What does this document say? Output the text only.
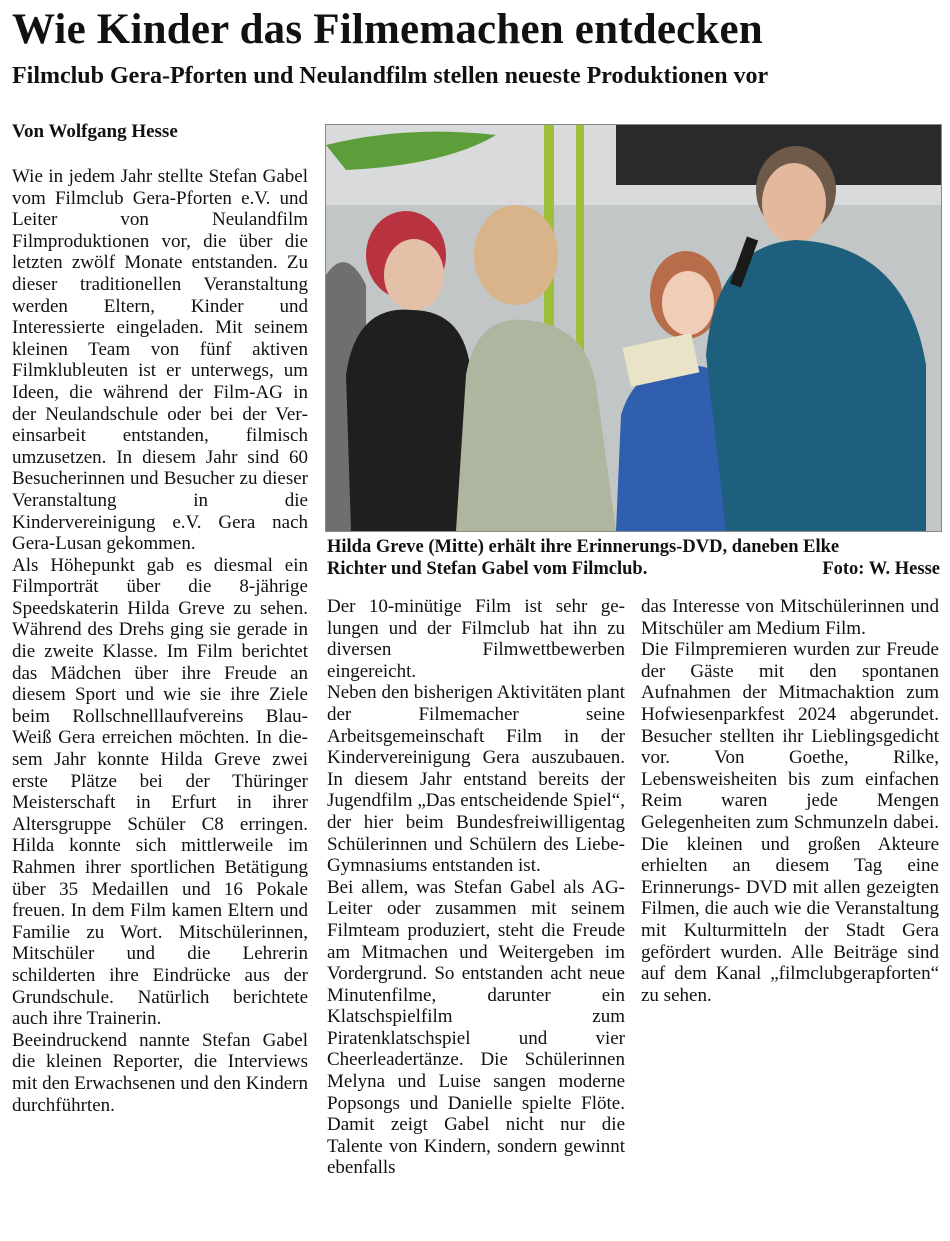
Wie Kinder das Filmemachen entdecken
Filmclub Gera-Pforten und Neulandfilm stellen neueste Produktionen vor
Von Wolfgang Hesse

Wie in jedem Jahr stellte Stefan Gabel vom Filmclub Gera-Pforten e.V. und Leiter von Neulandfilm Filmproduktionen vor, die über die letzten zwölf Monate entstanden. Zu dieser traditionellen Veranstaltung werden Eltern, Kinder und Interessierte eingeladen. Mit seinem kleinen Team von fünf aktiven Filmklubleuten ist er unterwegs, um Ideen, die während der Film-AG in der Neulandschule oder bei der Vereinsarbeit entstanden, filmisch umzusetzen. In diesem Jahr sind 60 Besucherinnen und Besucher zu dieser Veranstaltung in die Kindervereinigung e.V. Gera nach Gera-Lusan gekommen.

Als Höhepunkt gab es diesmal ein Filmporträt über die 8-jährige Speedskaterin Hilda Greve zu sehen. Während des Drehs ging sie gerade in die zweite Klasse. Im Film berichtet das Mädchen über ihre Freude an diesem Sport und wie sie ihre Ziele beim Rollschnelllaufvereins Blau-Weiß Gera erreichen möchten. In diesem Jahr konnte Hilda Greve zwei erste Plätze bei der Thüringer Meisterschaft in Erfurt in ihrer Altersgruppe Schüler C8 erringen. Hilda konnte sich mittlerweile im Rahmen ihrer sportlichen Betätigung über 35 Medaillen und 16 Pokale freuen. In dem Film kamen Eltern und Familie zu Wort. Mitschülerinnen, Mitschüler und die Lehrerin schilderten ihre Eindrücke aus der Grundschule. Natürlich berichtete auch ihre Trainerin.

Beeindruckend nannte Stefan Gabel die kleinen Reporter, die Interviews mit den Erwachsenen und den Kindern durchführten.

Hilda Greve (Mitte) erhält ihre Erinnerungs-DVD, daneben Elke
Richter und Stefan Gabel vom Filmclub.	Foto: W. Hesse

Der 10-minütige Film ist sehr gelungen und der Filmclub hat ihn zu diversen Filmwettbewerben eingereicht.

Neben den bisherigen Aktivitäten plant der Filmemacher seine Arbeitsgemeinschaft Film in der Kindervereinigung Gera auszubauen. In diesem Jahr entstand bereits der Jugendfilm „Das entscheidende Spiel“, der hier beim Bundesfreiwilligentag Schülerinnen und Schülern des Liebe-Gymnasiums entstanden ist.

Bei allem, was Stefan Gabel als AG-Leiter oder zusammen mit seinem Filmteam produziert, steht die Freude am Mitmachen und Weitergeben im Vordergrund. So entstanden acht neue Minutenfilme, darunter ein Klatschspielfilm zum Piratenklatschspiel und vier Cheerleadertänze. Die Schülerinnen Melyna und Luise sangen moderne Popsongs und Danielle spielte Flöte. Damit zeigt Gabel nicht nur die Talente von Kindern, sondern gewinnt ebenfalls

das Interesse von Mitschülerinnen und Mitschüler am Medium Film.

Die Filmpremieren wurden zur Freude der Gäste mit den spontanen Aufnahmen der Mitmachaktion zum Hofwiesenparkfest 2024 abgerundet. Besucher stellten ihr Lieblingsgedicht vor. Von Goethe, Rilke, Lebensweisheiten bis zum einfachen Reim waren jede Mengen Gelegenheiten zum Schmunzeln dabei. Die kleinen und großen Akteure erhielten an diesem Tag eine Erinnerungs- DVD mit allen gezeigten Filmen, die auch wie die Veranstaltung mit Kulturmitteln der Stadt Gera gefördert wurden. Alle Beiträge sind auf dem Kanal „filmclubgerapforten“ zu sehen.
